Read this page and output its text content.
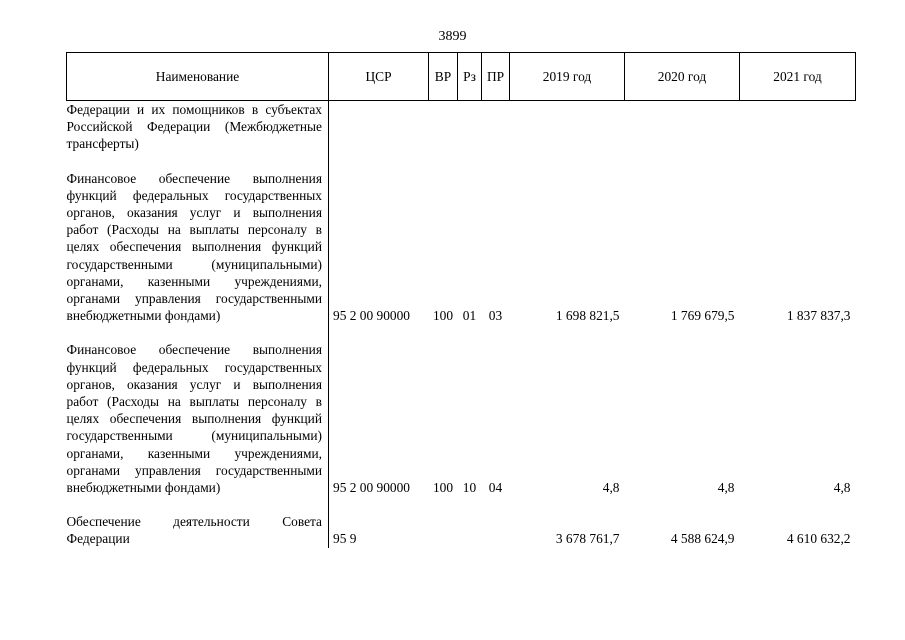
3899
Наименование	ЦСР	ВР	Рз	ПР	2019 год	2020 год	2021 год
Федерации и их помощников в субъектах Российской Федерации (Межбюджетные трансферты)							

Финансовое обеспечение выполнения функций федеральных государственных органов, оказания услуг и выполнения работ (Расходы на выплаты персоналу в целях обеспечения выполнения функций государственными (муниципальными) органами, казенными учреждениями, органами управления государственными внебюджетными фондами)	95 2 00 90000	100	01	03	1 698 821,5	1 769 679,5	1 837 837,3

Финансовое обеспечение выполнения функций федеральных государственных органов, оказания услуг и выполнения работ (Расходы на выплаты персоналу в целях обеспечения выполнения функций государственными (муниципальными) органами, казенными учреждениями, органами управления государственными внебюджетными фондами)	95 2 00 90000	100	10	04	4,8	4,8	4,8

Обеспечение деятельности Совета Федерации	95 9				3 678 761,7	4 588 624,9	4 610 632,2
